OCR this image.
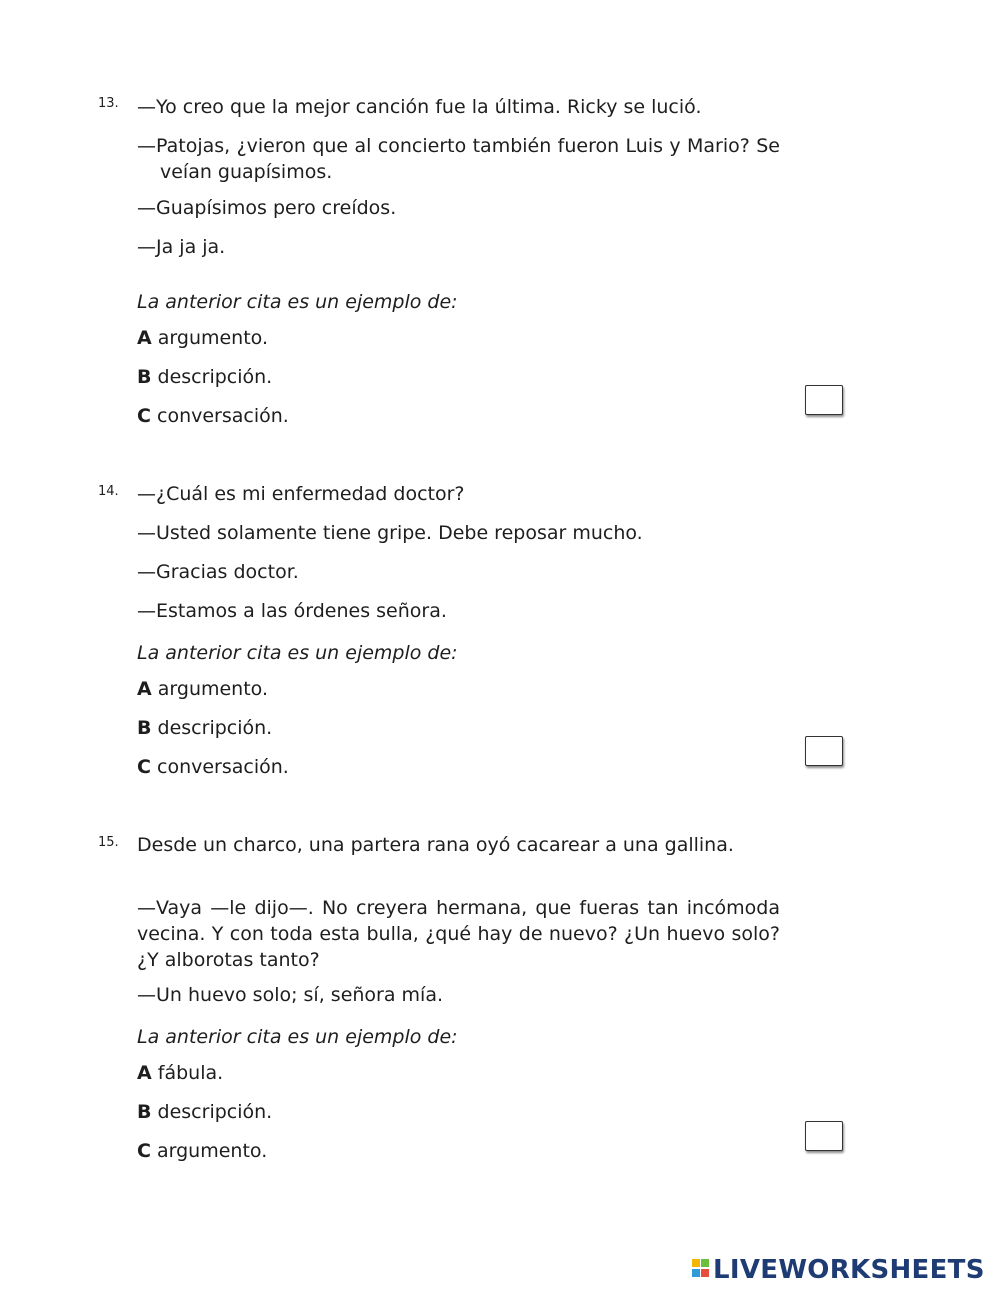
13. —Yo creo que la mejor canción fue la última. Ricky se lució.
—Patojas, ¿vieron que al concierto también fueron Luis y Mario? Se veían guapísimos.
—Guapísimos pero creídos.
—Ja ja ja.
La anterior cita es un ejemplo de:
A argumento.
B descripción.
C conversación.
14. —¿Cuál es mi enfermedad doctor?
—Usted solamente tiene gripe. Debe reposar mucho.
—Gracias doctor.
—Estamos a las órdenes señora.
La anterior cita es un ejemplo de:
A argumento.
B descripción.
C conversación.
15. Desde un charco, una partera rana oyó cacarear a una gallina.
—Vaya —le dijo—. No creyera hermana, que fueras tan incómoda vecina. Y con toda esta bulla, ¿qué hay de nuevo? ¿Un huevo solo? ¿Y alborotas tanto?
—Un huevo solo; sí, señora mía.
La anterior cita es un ejemplo de:
A fábula.
B descripción.
C argumento.
LIVEWORKSHEETS
